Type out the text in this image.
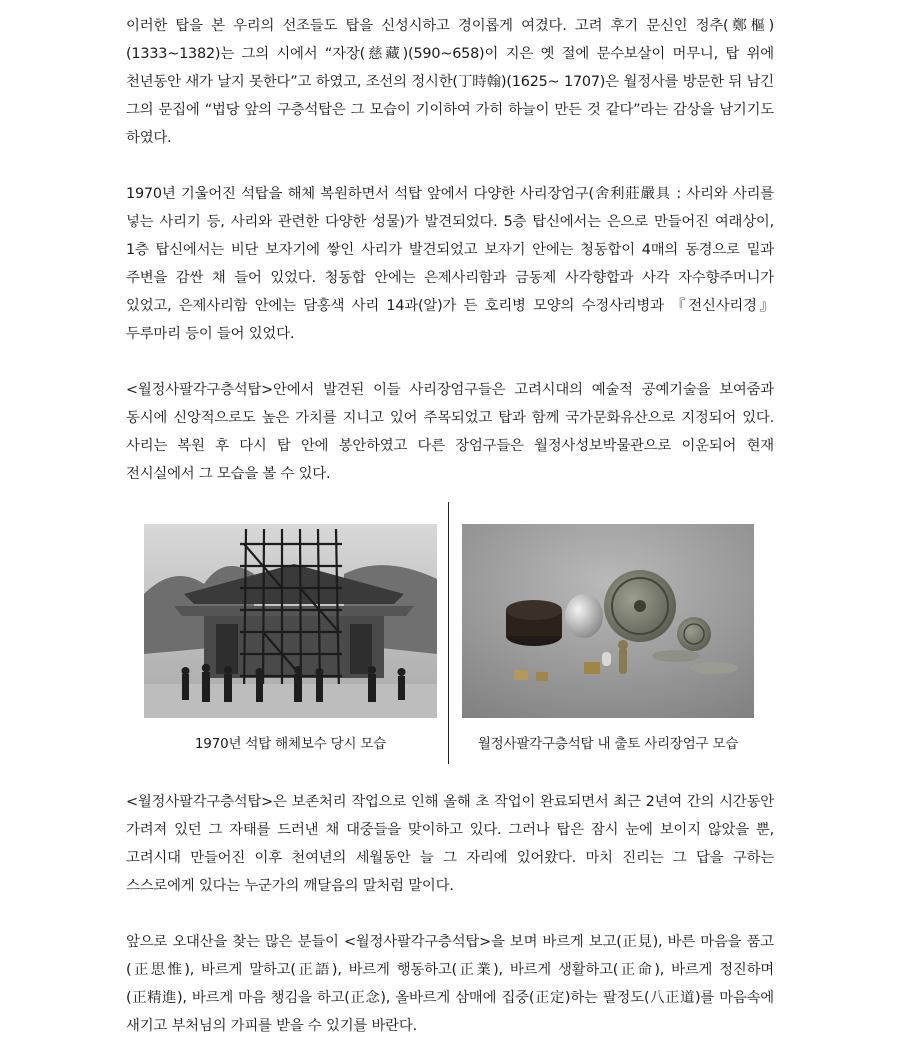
이러한 탑을 본 우리의 선조들도 탑을 신성시하고 경이롭게 여겼다. 고려 후기 문신인 정추(鄭樞)(1333~1382)는 그의 시에서 “자장(慈藏)(590~658)이 지은 옛 절에 문수보살이 머무니, 탑 위에 천년동안 새가 날지 못한다”고 하였고, 조선의 정시한(丁時翰)(1625~ 1707)은 월정사를 방문한 뒤 남긴 그의 문집에 “법당 앞의 구층석탑은 그 모습이 기이하여 가히 하늘이 만든 것 같다”라는 감상을 남기기도 하였다.

1970년 기울어진 석탑을 해체 복원하면서 석탑 앞에서 다양한 사리장엄구(舍利莊嚴具 : 사리와 사리를 넣는 사리기 등, 사리와 관련한 다양한 성물)가 발견되었다. 5층 탑신에서는 은으로 만들어진 여래상이, 1층 탑신에서는 비단 보자기에 쌓인 사리가 발견되었고 보자기 안에는 청동합이 4매의 동경으로 밑과 주변을 감싼 채 들어 있었다. 청동합 안에는 은제사리함과 금동제 사각향합과 사각 자수향주머니가 있었고, 은제사리함 안에는 담홍색 사리 14과(알)가 든 호리병 모양의 수정사리병과 『전신사리경』 두루마리 등이 들어 있었다.

<월정사팔각구층석탑>안에서 발견된 이들 사리장엄구들은 고려시대의 예술적 공예기술을 보여줌과 동시에 신앙적으로도 높은 가치를 지니고 있어 주목되었고 탑과 함께 국가문화유산으로 지정되어 있다. 사리는 복원 후 다시 탑 안에 봉안하였고 다른 장엄구들은 월정사성보박물관으로 이운되어 현재 전시실에서 그 모습을 볼 수 있다.

1970년 석탑 해체보수 당시 모습	월정사팔각구층석탑 내 출토 사리장엄구 모습

<월정사팔각구층석탑>은 보존처리 작업으로 인해 올해 초 작업이 완료되면서 최근 2년여 간의 시간동안 가려져 있던 그 자태를 드러낸 채 대중들을 맞이하고 있다. 그러나 탑은 잠시 눈에 보이지 않았을 뿐, 고려시대 만들어진 이후 천여년의 세월동안 늘 그 자리에 있어왔다. 마치 진리는 그 답을 구하는 스스로에게 있다는 누군가의 깨달음의 말처럼 말이다.

앞으로 오대산을 찾는 많은 분들이 <월정사팔각구층석탑>을 보며 바르게 보고(正見), 바른 마음을 품고(正思惟), 바르게 말하고(正語), 바르게 행동하고(正業), 바르게 생활하고(正命), 바르게 정진하며(正精進), 바르게 마음 챙김을 하고(正念), 올바르게 삼매에 집중(正定)하는 팔정도(八正道)를 마음속에 새기고 부처님의 가피를 받을 수 있기를 바란다.
